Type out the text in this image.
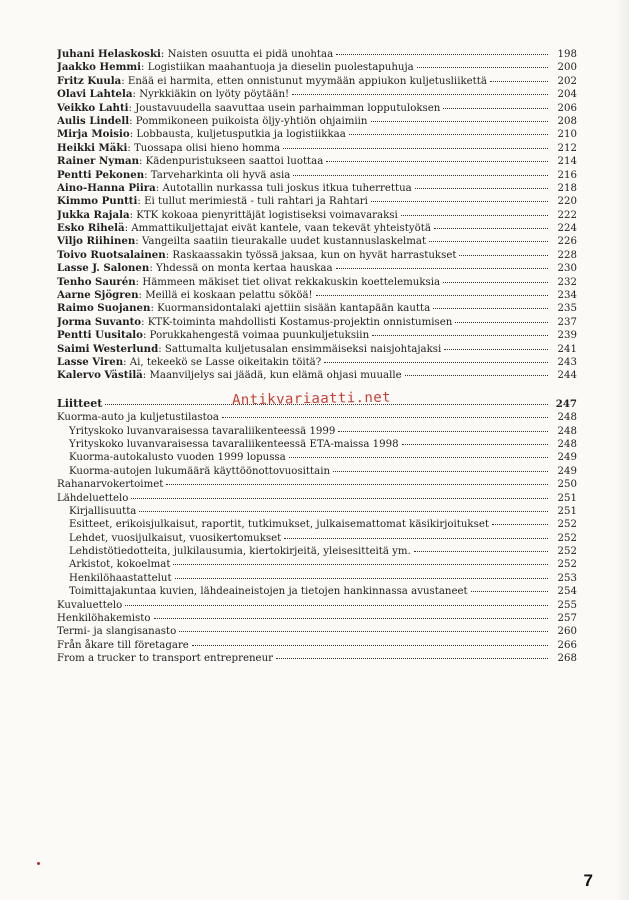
Juhani Helaskoski: Naisten osuutta ei pidä unohtaa	198
Jaakko Hemmi: Logistiikan maahantuoja ja dieselin puolestapuhuja	200
Fritz Kuula: Enää ei harmita, etten onnistunut myymään appiukon kuljetusliikettä	202
Olavi Lahtela: Nyrkkiäkin on lyöty pöytään!	204
Veikko Lahti: Joustavuudella saavuttaa usein parhaimman lopputuloksen	206
Aulis Lindell: Pommikoneen puikoista öljy-yhtiön ohjaimiin	208
Mirja Moisio: Lobbausta, kuljetusputkia ja logistiikkaa	210
Heikki Mäki: Tuossapa olisi hieno homma	212
Rainer Nyman: Kädenpuristukseen saattoi luottaa	214
Pentti Pekonen: Tarveharkinta oli hyvä asia	216
Aino-Hanna Piira: Autotallin nurkassa tuli joskus itkua tuherrettua	218
Kimmo Puntti: Ei tullut merimiestä - tuli rahtari ja Rahtari	220
Jukka Rajala: KTK kokoaa pienyrittäjät logistiseksi voimavaraksi	222
Esko Rihelä: Ammattikuljettajat eivät kantele, vaan tekevät yhteistyötä	224
Viljo Riihinen: Vangeilta saatiin tieurakalle uudet kustannuslaskelmat	226
Toivo Ruotsalainen: Raskaassakin työssä jaksaa, kun on hyvät harrastukset	228
Lasse J. Salonen: Yhdessä on monta kertaa hauskaa	230
Tenho Saurén: Hämmeen mäkiset tiet olivat rekkakuskin koettelemuksia	232
Aarne Sjögren: Meillä ei koskaan pelattu sököä!	234
Raimo Suojanen: Kuormansidontalaki ajettiin sisään kantapään kautta	235
Jorma Suvanto: KTK-toiminta mahdollisti Kostamus-projektin onnistumisen	237
Pentti Uusitalo: Porukkahengestä voimaa puunkuljetuksiin	239
Saimi Westerlund: Sattumalta kuljetusalan ensimmäiseksi naisjohtajaksi	241
Lasse Viren: Ai, tekeekö se Lasse oikeitakin töitä?	243
Kalervo Västilä: Maanviljelys sai jäädä, kun elämä ohjasi muualle	244
Liitteet	247
Kuorma-auto ja kuljetustilastoa	248
Yrityskoko luvanvaraisessa tavaraliikenteessä 1999	248
Yrityskoko luvanvaraisessa tavaraliikenteessä ETA-maissa 1998	248
Kuorma-autokalusto vuoden 1999 lopussa	249
Kuorma-autojen lukumäärä käyttöönottovuosittain	249
Rahanarvokertoimet	250
Lähdeluettelo	251
Kirjallisuutta	251
Esitteet, erikoisjulkaisut, raportit, tutkimukset, julkaisemattomat käsikirjoitukset	252
Lehdet, vuosijulkaisut, vuosikertomukset	252
Lehdistötiedotteita, julkilausumia, kiertokirjeitä, yleisesitteitä ym.	252
Arkistot, kokoelmat	252
Henkilöhaastattelut	253
Toimittajakuntaa kuvien, lähdeaineistojen ja tietojen hankinnassa avustaneet	254
Kuvaluettelo	255
Henkilöhakemisto	257
Termi- ja slangisanasto	260
Från åkare till företagare	266
From a trucker to transport entrepreneur	268
Antikvariaatti.net
7
